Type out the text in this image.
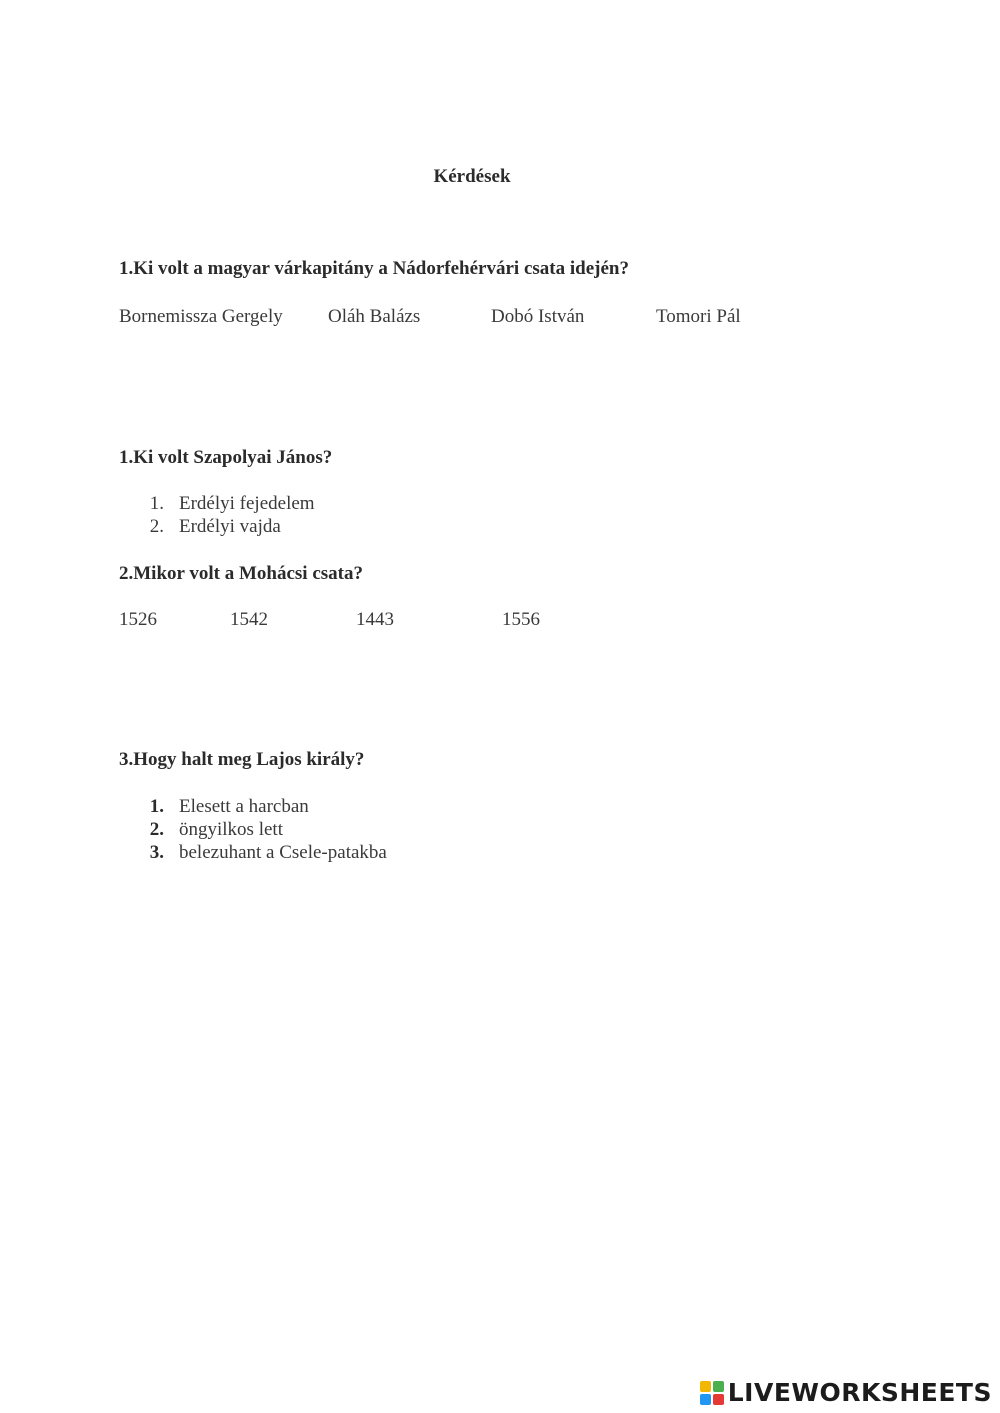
Kérdések
1.Ki volt a magyar várkapitány a Nádorfehérvári csata idején?
Bornemissza Gergely Oláh Balázs	Dobó István	Tomori Pál
1.Ki volt Szapolyai János?
1. Erdélyi fejedelem
2. Erdélyi vajda
2.Mikor volt a Mohácsi csata?
1526	1542	1443	1556
3.Hogy halt meg Lajos király?
1. Elesett a harcban
2. öngyilkos lett
3. belezuhant a Csele-patakba
LIVEWORKSHEETS
